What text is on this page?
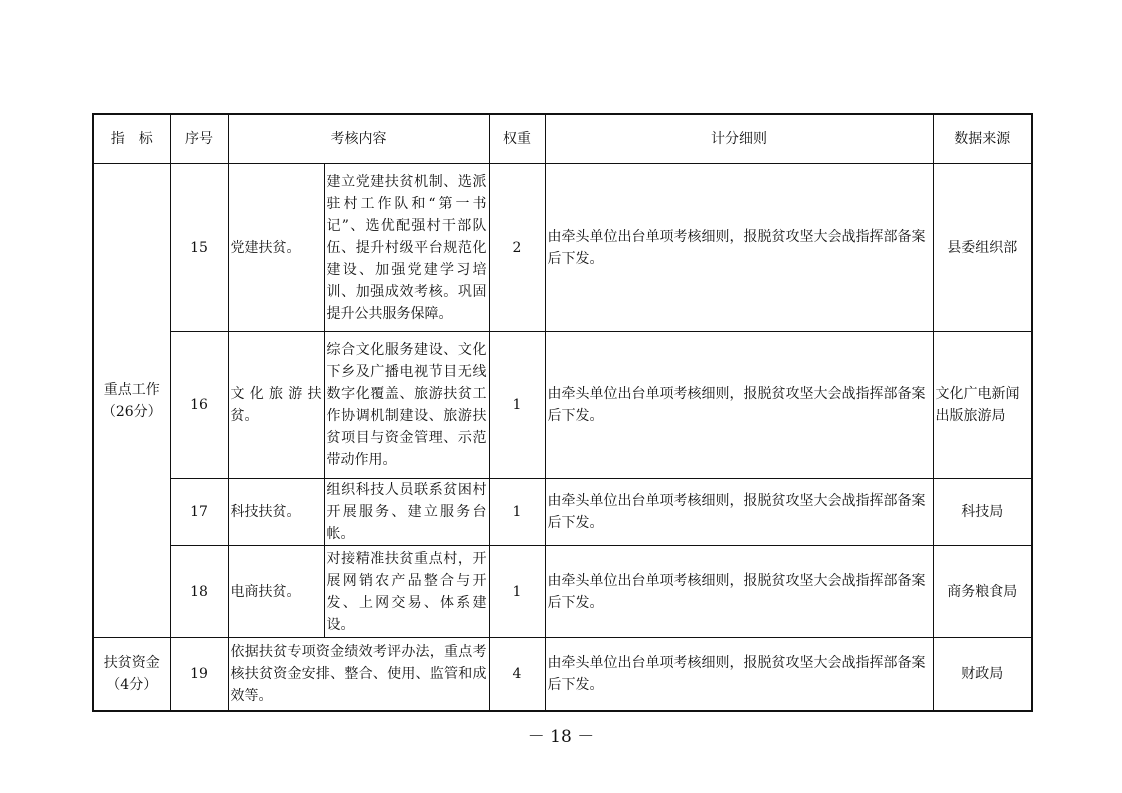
指　标	序号	考核内容		权重	计分细则	数据来源

重点工作
（26分）	15	党建扶贫。	建立党建扶贫机制、选派驻村工作队和“第一书记”、选优配强村干部队伍、提升村级平台规范化建设、加强党建学习培训、加强成效考核。巩固提升公共服务保障。	2	由牵头单位出台单项考核细则，报脱贫攻坚大会战指挥部备案后下发。	县委组织部
	16	文化旅游扶贫。	综合文化服务建设、文化下乡及广播电视节目无线数字化覆盖、旅游扶贫工作协调机制建设、旅游扶贫项目与资金管理、示范带动作用。	1	由牵头单位出台单项考核细则，报脱贫攻坚大会战指挥部备案后下发。	文化广电新闻出版旅游局
	17	科技扶贫。	组织科技人员联系贫困村开展服务、建立服务台帐。	1	由牵头单位出台单项考核细则，报脱贫攻坚大会战指挥部备案后下发。	科技局
	18	电商扶贫。	对接精准扶贫重点村，开展网销农产品整合与开发、上网交易、体系建设。	1	由牵头单位出台单项考核细则，报脱贫攻坚大会战指挥部备案后下发。	商务粮食局

扶贫资金
（4分）	19	依据扶贫专项资金绩效考评办法，重点考核扶贫资金安排、整合、使用、监管和成效等。		4	由牵头单位出台单项考核细则，报脱贫攻坚大会战指挥部备案后下发。	财政局
－ 18 －
